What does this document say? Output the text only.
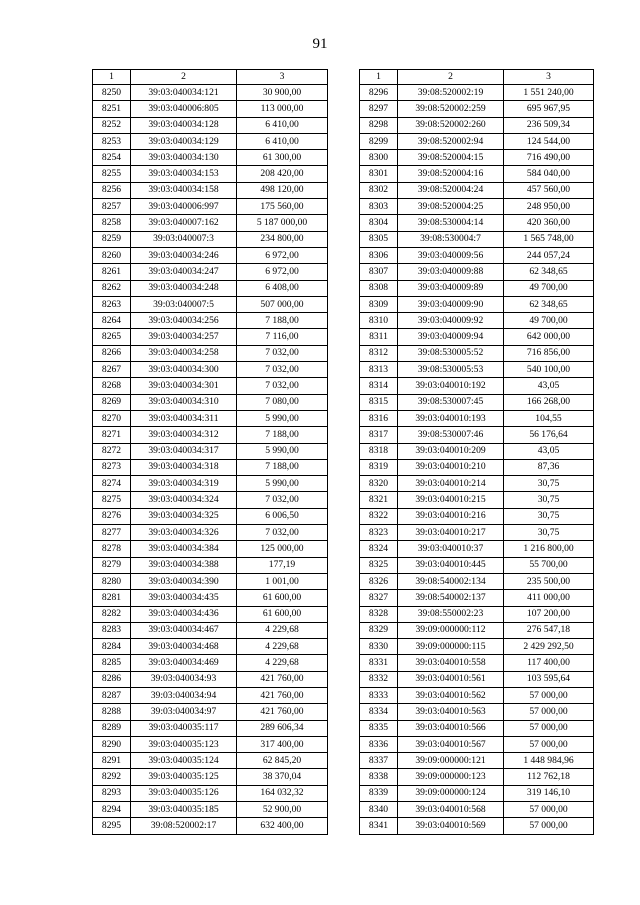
91
1	2	3
8250	39:03:040034:121	30 900,00
8251	39:03:040006:805	113 000,00
8252	39:03:040034:128	6 410,00
8253	39:03:040034:129	6 410,00
8254	39:03:040034:130	61 300,00
8255	39:03:040034:153	208 420,00
8256	39:03:040034:158	498 120,00
8257	39:03:040006:997	175 560,00
8258	39:03:040007:162	5 187 000,00
8259	39:03:040007:3	234 800,00
8260	39:03:040034:246	6 972,00
8261	39:03:040034:247	6 972,00
8262	39:03:040034:248	6 408,00
8263	39:03:040007:5	507 000,00
8264	39:03:040034:256	7 188,00
8265	39:03:040034:257	7 116,00
8266	39:03:040034:258	7 032,00
8267	39:03:040034:300	7 032,00
8268	39:03:040034:301	7 032,00
8269	39:03:040034:310	7 080,00
8270	39:03:040034:311	5 990,00
8271	39:03:040034:312	7 188,00
8272	39:03:040034:317	5 990,00
8273	39:03:040034:318	7 188,00
8274	39:03:040034:319	5 990,00
8275	39:03:040034:324	7 032,00
8276	39:03:040034:325	6 006,50
8277	39:03:040034:326	7 032,00
8278	39:03:040034:384	125 000,00
8279	39:03:040034:388	177,19
8280	39:03:040034:390	1 001,00
8281	39:03:040034:435	61 600,00
8282	39:03:040034:436	61 600,00
8283	39:03:040034:467	4 229,68
8284	39:03:040034:468	4 229,68
8285	39:03:040034:469	4 229,68
8286	39:03:040034:93	421 760,00
8287	39:03:040034:94	421 760,00
8288	39:03:040034:97	421 760,00
8289	39:03:040035:117	289 606,34
8290	39:03:040035:123	317 400,00
8291	39:03:040035:124	62 845,20
8292	39:03:040035:125	38 370,04
8293	39:03:040035:126	164 032,32
8294	39:03:040035:185	52 900,00
8295	39:08:520002:17	632 400,00
1	2	3
8296	39:08:520002:19	1 551 240,00
8297	39:08:520002:259	695 967,95
8298	39:08:520002:260	236 509,34
8299	39:08:520002:94	124 544,00
8300	39:08:520004:15	716 490,00
8301	39:08:520004:16	584 040,00
8302	39:08:520004:24	457 560,00
8303	39:08:520004:25	248 950,00
8304	39:08:530004:14	420 360,00
8305	39:08:530004:7	1 565 748,00
8306	39:03:040009:56	244 057,24
8307	39:03:040009:88	62 348,65
8308	39:03:040009:89	49 700,00
8309	39:03:040009:90	62 348,65
8310	39:03:040009:92	49 700,00
8311	39:03:040009:94	642 000,00
8312	39:08:530005:52	716 856,00
8313	39:08:530005:53	540 100,00
8314	39:03:040010:192	43,05
8315	39:08:530007:45	166 268,00
8316	39:03:040010:193	104,55
8317	39:08:530007:46	56 176,64
8318	39:03:040010:209	43,05
8319	39:03:040010:210	87,36
8320	39:03:040010:214	30,75
8321	39:03:040010:215	30,75
8322	39:03:040010:216	30,75
8323	39:03:040010:217	30,75
8324	39:03:040010:37	1 216 800,00
8325	39:03:040010:445	55 700,00
8326	39:08:540002:134	235 500,00
8327	39:08:540002:137	411 000,00
8328	39:08:550002:23	107 200,00
8329	39:09:000000:112	276 547,18
8330	39:09:000000:115	2 429 292,50
8331	39:03:040010:558	117 400,00
8332	39:03:040010:561	103 595,64
8333	39:03:040010:562	57 000,00
8334	39:03:040010:563	57 000,00
8335	39:03:040010:566	57 000,00
8336	39:03:040010:567	57 000,00
8337	39:09:000000:121	1 448 984,96
8338	39:09:000000:123	112 762,18
8339	39:09:000000:124	319 146,10
8340	39:03:040010:568	57 000,00
8341	39:03:040010:569	57 000,00
